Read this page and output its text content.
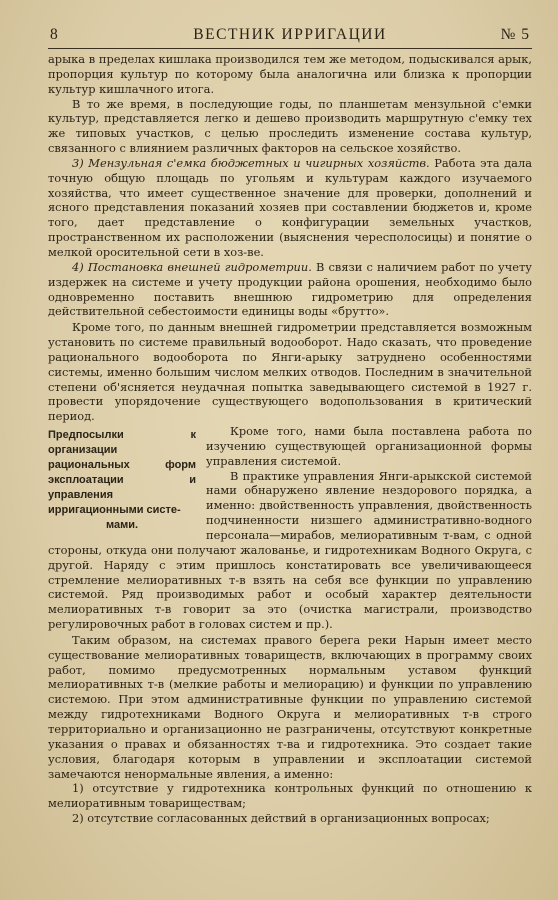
8	ВЕСТНИК ИРРИГАЦИИ	№ 5

арыка в пределах кишлака производился тем же методом, подыскивался арык, пропорция культур по которому была аналогична или близка к пропорции культур кишлачного итога.

В то же время, в последующие годы, по планшетам мензульной с'емки культур, представляется легко и дешево производить маршрутную с'емку тех же типовых участков, с целью проследить изменение состава культур, связанного с влиянием различных факторов на сельское хозяйство.

3) Мензульная с'емка бюджетных и чигирных хозяйств. Работа эта дала точную общую площадь по угольям и культурам каждого изучаемого хозяйства, что имеет существенное значение для проверки, дополнений и ясного представления показаний хозяев при составлении бюджетов и, кроме того, дает представление о конфигурации земельных участков, пространственном их расположении (выяснения чересполосицы) и понятие о мелкой оросительной сети в хоз-ве.

4) Постановка внешней гидрометрии. В связи с наличием работ по учету издержек на системе и учету продукции района орошения, необходимо было одновременно поставить внешнюю гидрометрию для определения действительной себестоимости единицы воды «брутто».

Кроме того, по данным внешней гидрометрии представляется возможным установить по системе правильный водооборот. Надо сказать, что проведение рационального водооборота по Янги-арыку затруднено особенностями системы, именно большим числом мелких отводов. Последним в значительной степени об'ясняется неудачная попытка заведывающего системой в 1927 г. провести упорядочение существующего водопользования в критический период.

Предпосылки к организации рациональных форм эксплоатации и управления ирригационными систе-
мами.

Кроме того, нами была поставлена работа по изучению существующей организационной формы управления системой.

В практике управления Янги-арыкской системой нами обнаружено явление нездорового порядка, а именно: двойственность управления, двойственность подчиненности низшего административно-водного персонала—мирабов, мелиоративным т-вам, с одной стороны, откуда они получают жалованье, и гидротехникам Водного Округа, с другой. Наряду с этим пришлось констатировать все увеличивающееся стремление мелиоративных т-в взять на себя все функции по управлению системой. Ряд производимых работ и особый характер деятельности мелиоративных т-в говорит за это (очистка магистрали, производство регулировочных работ в головах систем и пр.).

Таким образом, на системах правого берега реки Нарын имеет место существование мелиоративных товариществ, включающих в программу своих работ, помимо предусмотренных нормальным уставом функций мелиоративных т-в (мелкие работы и мелиорацию) и функции по управлению системою. При этом административные функции по управлению системой между гидротехниками Водного Округа и мелиоративных т-в строго территориально и организационно не разграничены, отсутствуют конкретные указания о правах и обязанностях т-ва и гидротехника. Это создает такие условия, благодаря которым в управлении и эксплоатации системой замечаются ненормальные явления, а именно:

1) отсутствие у гидротехника контрольных функций по отношению к мелиоративным товариществам;

2) отсутствие согласованных действий в организационных вопросах;
